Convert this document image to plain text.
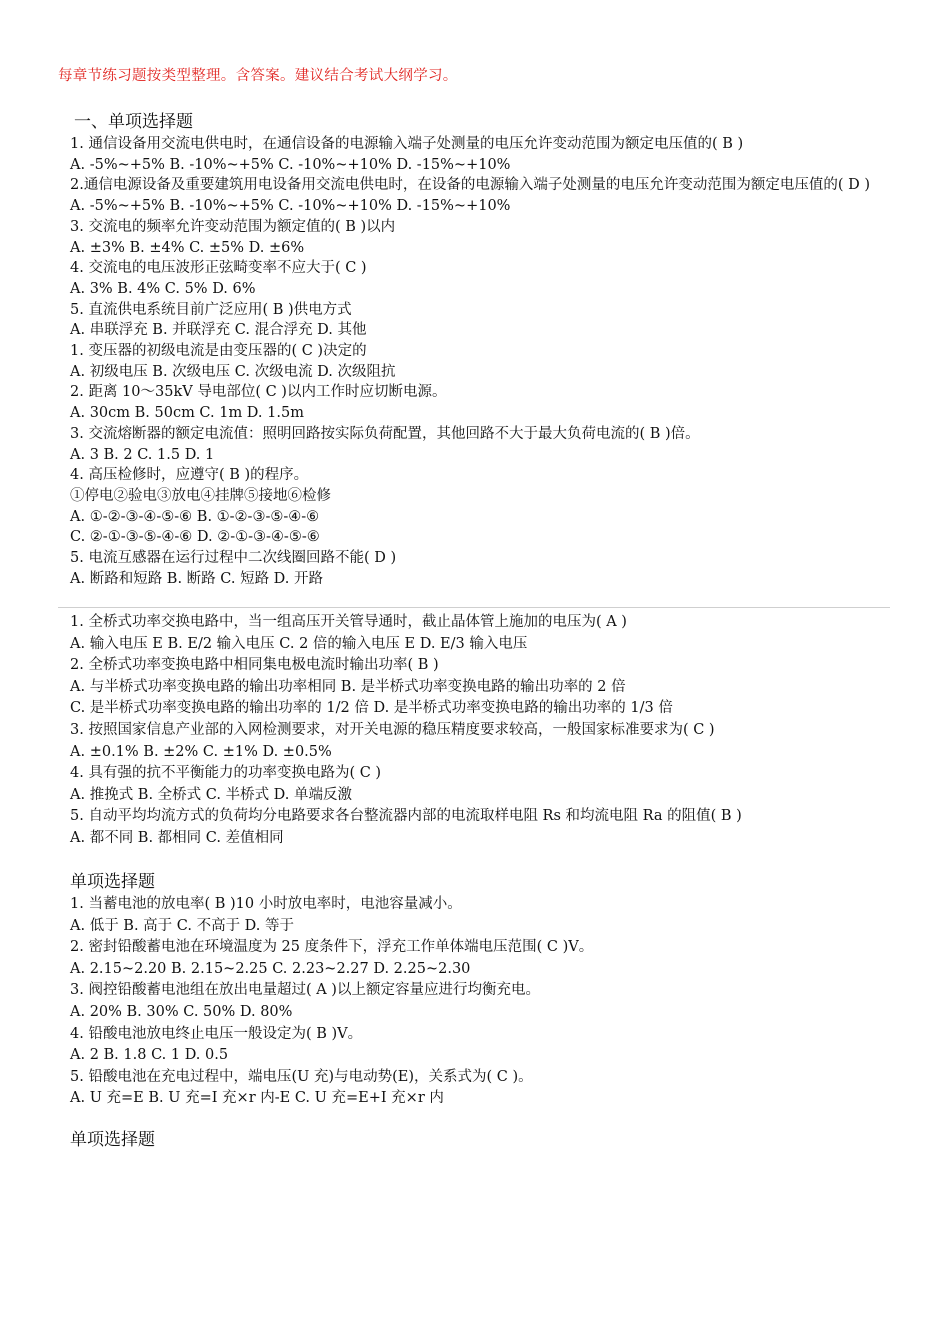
每章节练习题按类型整理。含答案。建议结合考试大纲学习。
一、单项选择题
1. 通信设备用交流电供电时，在通信设备的电源输入端子处测量的电压允许变动范围为额定电压值的( B )
A. -5%~+5% B. -10%~+5% C. -10%~+10% D. -15%~+10%
2.通信电源设备及重要建筑用电设备用交流电供电时，在设备的电源输入端子处测量的电压允许变动范围为额定电压值的( D )
A. -5%~+5% B. -10%~+5% C. -10%~+10% D. -15%~+10%
3. 交流电的频率允许变动范围为额定值的( B )以内
A. ±3% B. ±4% C. ±5% D. ±6%
4. 交流电的电压波形正弦畸变率不应大于( C )
A. 3% B. 4% C. 5% D. 6%
5. 直流供电系统目前广泛应用( B )供电方式
A. 串联浮充 B. 并联浮充 C. 混合浮充 D. 其他
1. 变压器的初级电流是由变压器的( C )决定的
A. 初级电压 B. 次级电压 C. 次级电流 D. 次级阻抗
2. 距离 10～35kV 导电部位( C )以内工作时应切断电源。
A. 30cm B. 50cm C. 1m D. 1.5m
3. 交流熔断器的额定电流值：照明回路按实际负荷配置，其他回路不大于最大负荷电流的( B )倍。
A. 3 B. 2 C. 1.5 D. 1
4. 高压检修时，应遵守( B )的程序。
①停电②验电③放电④挂牌⑤接地⑥检修
A. ①-②-③-④-⑤-⑥ B. ①-②-③-⑤-④-⑥
C. ②-①-③-⑤-④-⑥ D. ②-①-③-④-⑤-⑥
5. 电流互感器在运行过程中二次线圈回路不能( D )
A. 断路和短路 B. 断路 C. 短路 D. 开路
1. 全桥式功率交换电路中，当一组高压开关管导通时，截止晶体管上施加的电压为( A )
A. 输入电压 E B. E/2 输入电压 C. 2 倍的输入电压 E D. E/3 输入电压
2. 全桥式功率变换电路中相同集电极电流时输出功率( B )
A. 与半桥式功率变换电路的输出功率相同 B. 是半桥式功率变换电路的输出功率的 2 倍
C. 是半桥式功率变换电路的输出功率的 1/2 倍 D. 是半桥式功率变换电路的输出功率的 1/3 倍
3. 按照国家信息产业部的入网检测要求，对开关电源的稳压精度要求较高，一般国家标准要求为( C )
A. ±0.1% B. ±2% C. ±1% D. ±0.5%
4. 具有强的抗不平衡能力的功率变换电路为( C )
A. 推挽式 B. 全桥式 C. 半桥式 D. 单端反激
5. 自动平均均流方式的负荷均分电路要求各台整流器内部的电流取样电阻 Rs 和均流电阻 Ra 的阻值( B )
A. 都不同 B. 都相同 C. 差值相同
单项选择题
1. 当蓄电池的放电率( B )10 小时放电率时，电池容量减小。
A. 低于 B. 高于 C. 不高于 D. 等于
2. 密封铅酸蓄电池在环境温度为 25 度条件下，浮充工作单体端电压范围( C )V。
A. 2.15~2.20 B. 2.15~2.25 C. 2.23~2.27 D. 2.25~2.30
3. 阀控铅酸蓄电池组在放出电量超过( A )以上额定容量应进行均衡充电。
A. 20% B. 30% C. 50% D. 80%
4. 铅酸电池放电终止电压一般设定为( B )V。
A. 2 B. 1.8 C. 1 D. 0.5
5. 铅酸电池在充电过程中，端电压(U 充)与电动势(E)，关系式为( C )。
A. U 充=E B. U 充=I 充×r 内-E C. U 充=E+I 充×r 内
单项选择题
